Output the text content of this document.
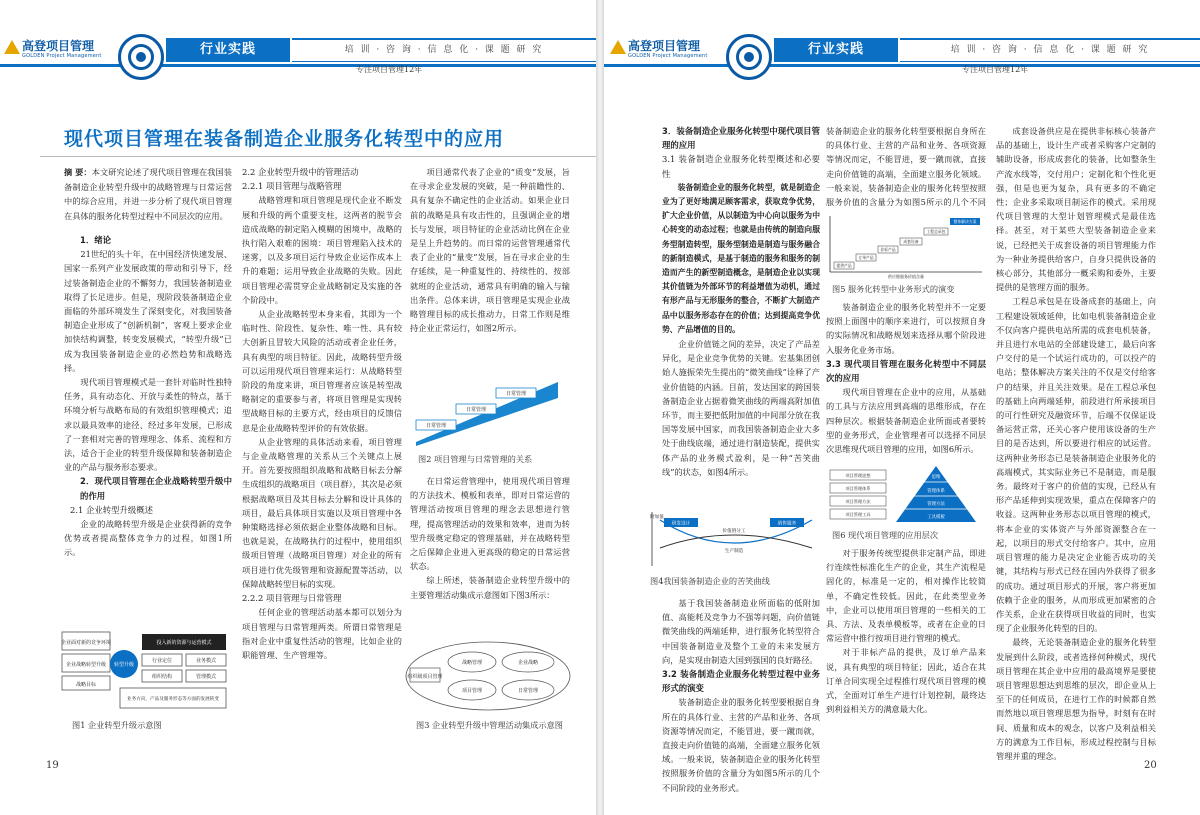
高登项目管理
GOLDEN Project Management	行业实践	培 训 · 咨 询 · 信 息 化 · 课 题 研 究
专注项目管理12年
现代项目管理在装备制造企业服务化转型中的应用
摘 要：本文研究论述了现代项目管理在我国装备制造企业转型升级中的战略管理与日常运营中的综合应用，并进一步分析了现代项目管理在具体的服务化转型过程中不同层次的应用。
1．绪论

21世纪的头十年，在中国经济快速发展、国家一系列产业发展政策的带动和引导下，经过装备制造企业的不懈努力，我国装备制造业取得了长足进步。但是，现阶段装备制造企业面临的外部环境发生了深刻变化，对我国装备制造企业形成了“创新机制”，客观上要求企业加快结构调整，转变发展模式，“转型升级”已成为我国装备制造企业的必然趋势和战略选择。

现代项目管理模式是一套针对临时性独特任务，具有动态化、开放与柔性的特点，基于环境分析与战略布局的有效组织管理模式；追求以最具效率的途径、经过多年发展，已形成了一套相对完善的管理理念、体系、流程和方法，适合于企业的转型升级保障和装备制造企业的产品与服务形态要求。

2．现代项目管理在企业战略转型升级中的作用
2.1 企业转型升级概述

企业的战略转型升级是企业获得新的竞争优势或者提高整体竞争力的过程，如图1所示。

企业面对新的竞争环境
企业战略转型升级
战略目标
转型升级
投入新的资源与运营模式
行业定位	业务模式
组织结构	管理模式
业务方向，产品及服务形态等方面的发展转变
图1 企业转型升级示意图
2.2 企业转型升级中的管理活动
2.2.1 项目管理与战略管理

战略管理和项目管理是现代企业不断发展和升级的两个重要支柱，这两者的脱节会造成战略的制定陷入模糊的困境中，战略的执行陷入艰难的困境：项目管理陷入技术的迷雾，以及多项目运行导致企业运作成本上升的难题；运用导致企业战略的失败。因此项目管理必需贯穿企业战略制定及实施的各个阶段中。

从企业战略转型本身来看，其即为一个临时性、阶段性、复杂性、唯一性、具有较大创新且冒较大风险的活动或者企业任务，具有典型的项目特征。因此，战略转型升级可以运用现代项目管理来运行：从战略转型阶段的角度来讲，项目管理者应该是转型战略制定的重要参与者，将项目管理是实现转型战略目标的主要方式，经由项目的反馈信息是企业战略转型评价的有效依据。

从企业管理的具体活动来看，项目管理与企业战略管理的关系从三个关键点上展开。首先要按照组织战略和战略目标去分解生成组织的战略项目（项目群），其次是必须根据战略项目及其目标去分解和设计具体的项目，最后具体项目实施以及项目管理中各种策略选择必须依据企业整体战略和目标。也就是说，在战略执行的过程中，使用组织级项目管理（战略项目管理）对企业的所有项目进行优先级管理和资源配置等活动，以保障战略转型目标的实现。

2.2.2 项目管理与日常管理

任何企业的管理活动基本都可以划分为项目管理与日常管理两类。所谓日常管理是指对企业中重复性活动的管理，比如企业的职能管理、生产管理等。

项目通常代表了企业的“质变”发展，旨在寻求企业发展的突破，是一种前瞻性的、具有复杂不确定性的企业活动。如果企业日前的战略是具有攻击性的，且强调企业的增长与发展，项目特征的企业活动比例在企业是呈上升趋势的。而日常的运营管理通常代表了企业的“量变”发展，旨在寻求企业的生存延续，是一种重复性的、持续性的、按部就班的企业活动，通常具有明确的输入与输出条件。总体来讲，项目管理是实现企业战略管理目标的成长推动力，日常工作则是维持企业正常运行，如图2所示。

日常管理
日常管理
日常管理
企业发展
图2 项目管理与日常管理的关系

在日常运营管理中，使用现代项目管理的方法技术、模板和表单，即对日常运营的管理活动按项目管理的理念去思想进行管理，提高管理活动的效果和效率，进而为转型升级奠定稳定的管理基础，并在战略转型之后保障企业进入更高级的稳定的日常运营状态。

综上所述，装备制造企业转型升级中的主要管理活动集成示意图如下图3所示：

组织级项目管理
战略管理
项目管理
企业战略
日常管理
图3 企业转型升级中管理活动集成示意图
19
高登项目管理
GOLDEN Project Management	行业实践	培 训 · 咨 询 · 信 息 化 · 课 题 研 究
专注项目管理12年
3．装备制造企业服务化转型中现代项目管理的应用
3.1 装备制造企业服务化转型概述和必要性

装备制造企业的服务化转型，就是制造企业为了更好地满足顾客需求，获取竞争优势，扩大企业价值，从以制造为中心向以服务为中心转变的动态过程；也就是由传统的制造向服务型制造转型，服务型制造是制造与服务融合的新制造模式，是基于制造的服务和服务的制造而产生的新型制造概念，是制造企业以实现其价值链为外部环节的利益增值为动机，通过有形产品与无形服务的整合，不断扩大制造产品中以服务形态存在的价值；达到提高竞争优势、产品增值的目的。

企业价值链之间的差异，决定了产品差异化，是企业竞争优势的关键。宏基集团创始人施振荣先生提出的“微笑曲线”诠释了产业价值链的内涵。目前，发达国家的跨国装备制造企业占据着微笑曲线的两端高附加值环节，而主要把低附加值的中间部分放在我国等发展中国家，而我国装备制造企业大多处于曲线底端，通过进行制造装配，提供实体产品的业务模式盈利，是一种“苦笑曲线”的状态，如图4所示。

附加值
研发设计	销售服务
价值链分工
生产制造
图4我国装备制造企业的苦笑曲线

基于我国装备制造业所面临的低附加值、高能耗及竞争力不强等问题，向价值链微笑曲线的两端延伸，进行服务化转型符合中国装备制造业及整个工业的未来发展方向，是实现由制造大国到强国的良好路径。

3.2 装备制造企业服务化转型过程中业务形式的演变

装备制造企业的服务化转型要根据自身所在的具体行业、主营的产品和业务、各项资源等情况而定，不能冒进，要一蹴而就，直接走向价值链的高端，全面建立服务化领域。一般来说，装备制造企业的服务化转型按照服务价值的含量分为如图5所示的几个不同阶段的业务形式。

装备制造企业的服务化转型要根据自身所在的具体行业、主营的产品和业务、各项资源等情况而定，不能冒进，要一蹴而就，直接走向价值链的高端，全面建立服务化领域。一般来说，装备制造企业的服务化转型按照服务价值的含量分为如图5所示的几个不同阶段的业务形式。

提供产品
订单产品
非标产品
成套设备
工程总承包
整体解决方案
供应链服务价值含量
图5 服务化转型中业务形式的演变

装备制造企业的服务化转型并不一定要按照上面图中的顺序来进行，可以按照自身的实际情况和战略规划来选择从哪个阶段进入服务化业务市场。

3.3 现代项目管理在服务化转型中不同层次的应用

现代项目管理在企业中的应用，从基础的工具与方法应用到高端的思维形成，存在四种层次。根据装备制造企业所面或者要转型的业务形式，企业管理者可以选择不同层次思维现代项目管理的应用，如图6所示。

思维
管理体系
管理方法
工具模板
项目管理思想
项目管理体系
项目管理方法
项目管理工具
图6 现代项目管理的应用层次

对于服务传统型提供非定制产品，即进行连续性标准化生产的企业，其生产流程是固化的，标准是一定的，相对操作比较简单，不确定性较低。因此，在此类型业务中，企业可以使用项目管理的一些相关的工具、方法、及表单模板等，或者在企业的日常运营中推行按项目进行管理的模式。

对于非标产品的提供，及订单产品来说，具有典型的项目特征；因此，适合在其订单合同实现全过程推行现代项目管理的模式，全面对订单生产进行计划控制，最终达到利益相关方的满意最大化。

成套设备供应是在提供非标核心装备产品的基础上，设计生产或者采购客户定制的辅助设备，形成成套化的装备，比如整条生产流水线等，交付用户；定制化和个性化更强，但是也更为复杂，具有更多的不确定性；企业多采取项目制运作的模式。采用现代项目管理的大型计划管理模式是最佳选择。甚至，对于某些大型装备制造企业来说，已经把关于成套设备的项目管理能力作为一种业务提供给客户，自身只提供设备的核心部分，其他部分一概采购和委外，主要提供的是管理方面的服务。

工程总承包是在设备成套的基础上，向工程建设领域延伸，比如电机装备制造企业不仅向客户提供电站所需的成套电机装备，并且进行水电站的全部建设建工，最后向客户交付的是一个试运行成功的，可以投产的电站；整体解决方案关注的不仅是交付给客户的结果，并且关注效果。是在工程总承包的基础上向两端延伸，前段进行所承接项目的可行性研究及融资环节，后端不仅保证设备运营正常，还关心客户使用该设备的生产目的是否达到，所以要进行相应的试运营。这两种业务形态已是装备制造企业服务化的高端模式，其实际业务已不是制造，而是服务。最终对于客户的价值的实现，已经从有形产品延伸到实现效果，重点在保障客户的收益。这两种业务形态以项目管理的模式，将本企业的实体资产与外部资源整合在一起，以项目的形式交付给客户。其中，应用项目管理的能力是决定企业能否成功的关键，其结构与形式已经在国内外获得了很多的成功。通过项目形式的开展，客户将更加依赖于企业的服务，从而形成更加紧密的合作关系，企业在获得项目收益的同时，也实现了企业服务化转型的目的。

最终，无论装备制造企业的服务化转型发展到什么阶段，或者选择何种模式，现代项目管理在其企业中应用的最高境界是要使项目管理思想达到思维的层次，即企业从上至下的任何成员，在进行工作的时候都自然而然地以项目管理思想为指导，时刻有在时间、质量和成本的观念，以客户及利益相关方的满意为工作目标，形成过程控制与目标管理并重的理念。

20
